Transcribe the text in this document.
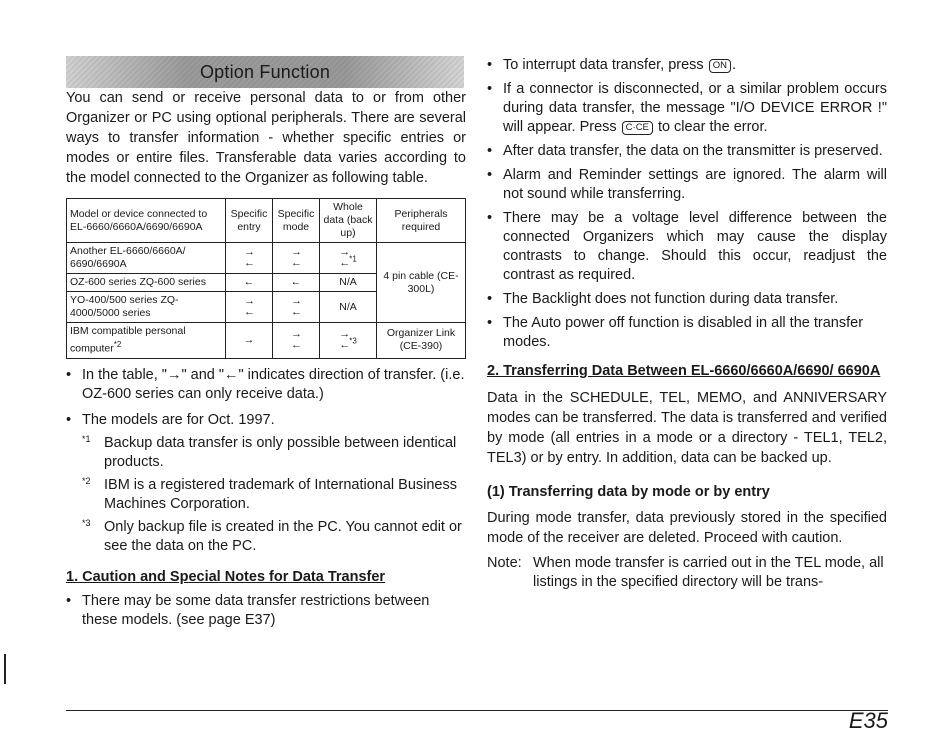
Option Function

You can send or receive personal data to or from other Organizer or PC using optional peripherals. There are several ways to transfer information - whether specific entries or modes or entire files. Transferable data varies according to the model connected to the Organizer as following table.

Model or device connected to EL-6660/6660A/6690/6690A	Specific entry	Specific mode	Whole data (back up)	Peripherals required
Another EL-6660/6660A/ 6690/6690A	→ ←	→ ←	→ ←$^{*1}$	4 pin cable (CE-300L)
OZ-600 series ZQ-600 series	←	←	N/A	
YO-400/500 series ZQ-4000/5000 series	→ ←	→ ←	N/A	
IBM compatible personal computer$^{*2}$	→	→ ←	→ ←$^{*3}$	Organizer Link (CE-390)
• In the table, "→" and "←" indicates direction of transfer. (i.e. OZ-600 series can only receive data.)
• The models are for Oct. 1997.
*1 Backup data transfer is only possible between identical products.
*2 IBM is a registered trademark of International Business Machines Corporation.
*3 Only backup file is created in the PC. You cannot edit or see the data on the PC.
1. Caution and Special Notes for Data Transfer
• There may be some data transfer restrictions between these models. (see page E37)
• To interrupt data transfer, press ON .
• If a connector is disconnected, or a similar problem occurs during data transfer, the message "I/O DEVICE ERROR !" will appear. Press C·CE to clear the error.
• After data transfer, the data on the transmitter is preserved.
• Alarm and Reminder settings are ignored. The alarm will not sound while transferring.
• There may be a voltage level difference between the connected Organizers which may cause the display contrasts to change. Should this occur, readjust the contrast as required.
• The Backlight does not function during data transfer.
• The Auto power off function is disabled in all the transfer modes.
2. Transferring Data Between EL-6660/6660A/6690/ 6690A

Data in the SCHEDULE, TEL, MEMO, and ANNIVERSARY modes can be transferred. The data is transferred and verified by mode (all entries in a mode or a directory - TEL1, TEL2, TEL3) or by entry. In addition, data can be backed up.

(1) Transferring data by mode or by entry

During mode transfer, data previously stored in the specified mode of the receiver are deleted. Proceed with caution.

Note: When mode transfer is carried out in the TEL mode, all listings in the specified directory will be trans-
E35
